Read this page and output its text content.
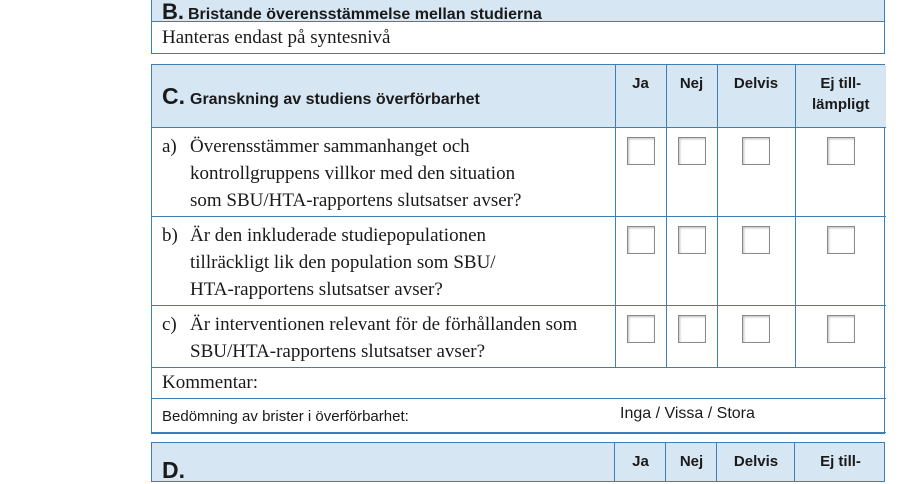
B. Bristande överensstämmelse mellan studierna
Hanteras endast på syntesnivå
C. Granskning av studiens överförbarhet	Ja	Nej	Delvis	Ej till-
lämpligt

a) Överensstämmer sammanhanget och kontrollgruppens villkor med den situation som SBU/HTA-rapportens slutsatser avser?				

b) Är den inkluderade studiepopulationen tillräckligt lik den population som SBU/ HTA-rapportens slutsatser avser?				

c) Är interventionen relevant för de förhållanden som SBU/HTA-rapportens slutsatser avser?				

Kommentar:				

Bedömning av brister i överförbarhet: Inga / Vissa / Stora				
D.	Ja	Nej	Delvis	Ej till-
